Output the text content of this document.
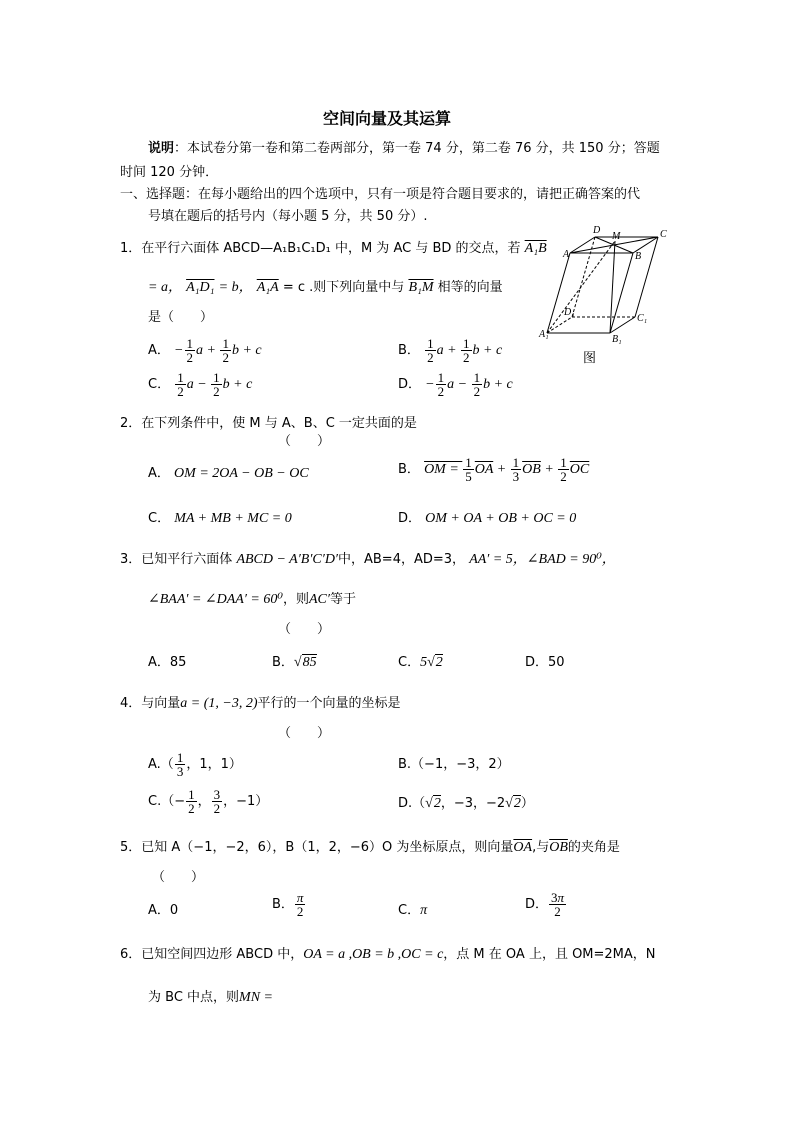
空间向量及其运算
说明：本试卷分第一卷和第二卷两部分，第一卷 74 分，第二卷 76 分，共 150 分；答题
时间 120 分钟．
一、选择题：在每小题给出的四个选项中，只有一项是符合题目要求的，请把正确答案的代
号填在题后的括号内（每小题 5 分，共 50 分）.
1．在平行六面体 ABCD—A₁B₁C₁D₁ 中，M 为 AC 与 BD 的交点，若 A₁B
= a， A₁D₁ = b， A₁A = c .则下列向量中与 B₁M 相等的向量
是（　　）
A． − $\frac{1}{2}$ $a + \frac{1}{2}$ b + c	B． $\frac{1}{2}$ $a + \frac{1}{2}$ b + c
C． $\frac{1}{2}$ $a - \frac{1}{2}$ b + c	D． − $\frac{1}{2}$ $a - \frac{1}{2}$ b + c
D
M	C
A	B
D₁
C₁
A₁	B₁
图
2．在下列条件中，使 M 与 A、B、C 一定共面的是
（　　）
A． OM = 2OA − OB − OC	B． OM = $\frac{1}{5} \overline{OA} + \frac{1}{3} \overline{OB} + \frac{1}{2} \overline{OC}$
C． MA + MB + MC = 0	D． OM + OA + OB + OC = 0
3．已知平行六面体 ABCD − A′B′C′D′中，AB=4，AD=3， AA′ = 5，∠BAD = 90⁰，
∠BAA′ = ∠DAA′ = 60⁰，则AC′等于
（　　）
A．85	B．√85	C．5√2	D．50
4．与向量a = (1, −3, 2)平行的一个向量的坐标是
（　　）
$A.( \frac{1}{3}$ ，1，1）	B.（−1，−3，2）
$C.(- \frac{1}{2}$ ， $\frac{3}{2}$ ，−1）	D.（√2，−3，−2√2）
5．已知 A（−1，−2，6），B（1，2，−6）O 为坐标原点，则向量$\overline{OA}$,与$\overline{OB}$的夹角是
（　　）
A．0	B． $\frac{\pi}{2}$	C．π	D． $\frac{3\pi}{2}$
6．已知空间四边形 ABCD 中，OA = a ,OB = b ,OC = c，点 M 在 OA 上，且 OM=2MA，N
为 BC 中点，则MN =
